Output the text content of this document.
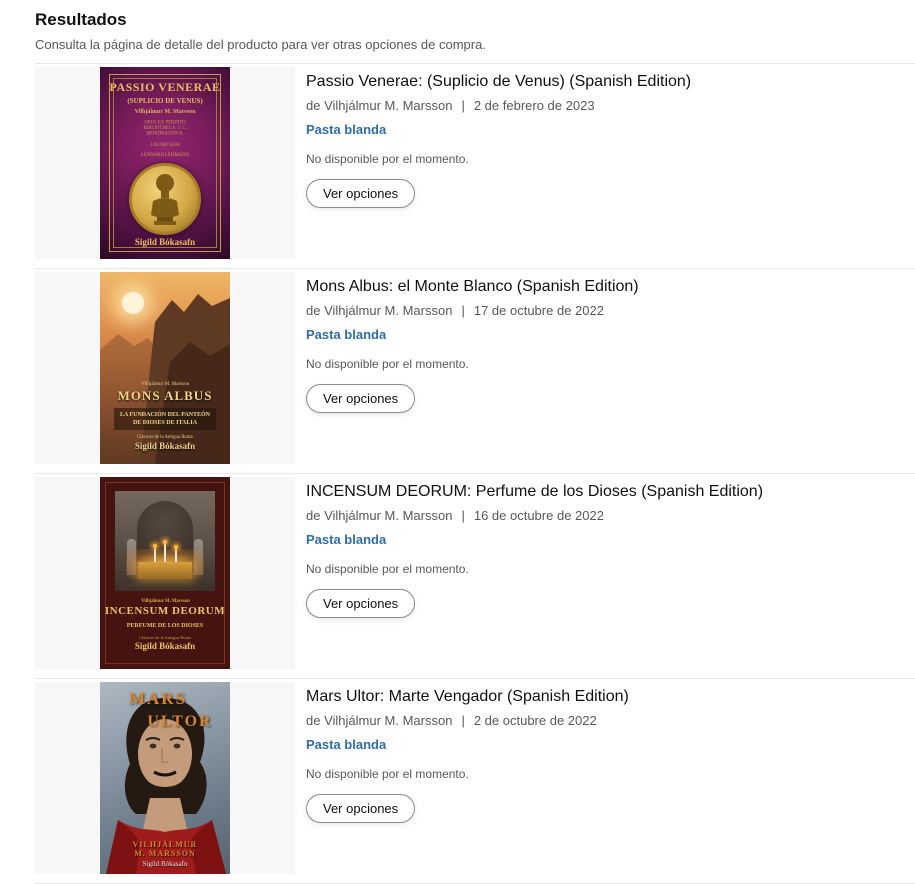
Resultados
Consulta la página de detalle del producto para ver otras opciones de compra.
PASSIO VENERAE
(SUPLICIO DE VENUS)
Vilhjálmur M. Marsson
OPUS EX PERDITO BIBLIOTHECA: J. C. MONDRAGÓN R.
LISI BECKER
LENNARD LEHMANN
Sigild Bókasafn
Passio Venerae: (Suplicio de Venus) (Spanish Edition)
de Vilhjálmur M. Marsson | 2 de febrero de 2023
Pasta blanda
No disponible por el momento.
Ver opciones
Vilhjálmur M. Marsson
MONS ALBUS
LA FUNDACIÓN DEL PANTEÓN DE DIOSES DE ITALIA
Clásicos de la Antigua Roma
Sigild Bókasafn
Mons Albus: el Monte Blanco (Spanish Edition)
de Vilhjálmur M. Marsson | 17 de octubre de 2022
Pasta blanda
No disponible por el momento.
Ver opciones
Vilhjálmur M. Marsson
INCENSUM DEORUM
PERFUME DE LOS DIOSES
Clásicos de la Antigua Roma
Sigild Bókasafn
INCENSUM DEORUM: Perfume de los Dioses (Spanish Edition)
de Vilhjálmur M. Marsson | 16 de octubre de 2022
Pasta blanda
No disponible por el momento.
Ver opciones
MARS
ULTOR
VILHJÁLMUR
M. MARSSON
Sigild Bókasafn
Mars Ultor: Marte Vengador (Spanish Edition)
de Vilhjálmur M. Marsson | 2 de octubre de 2022
Pasta blanda
No disponible por el momento.
Ver opciones
